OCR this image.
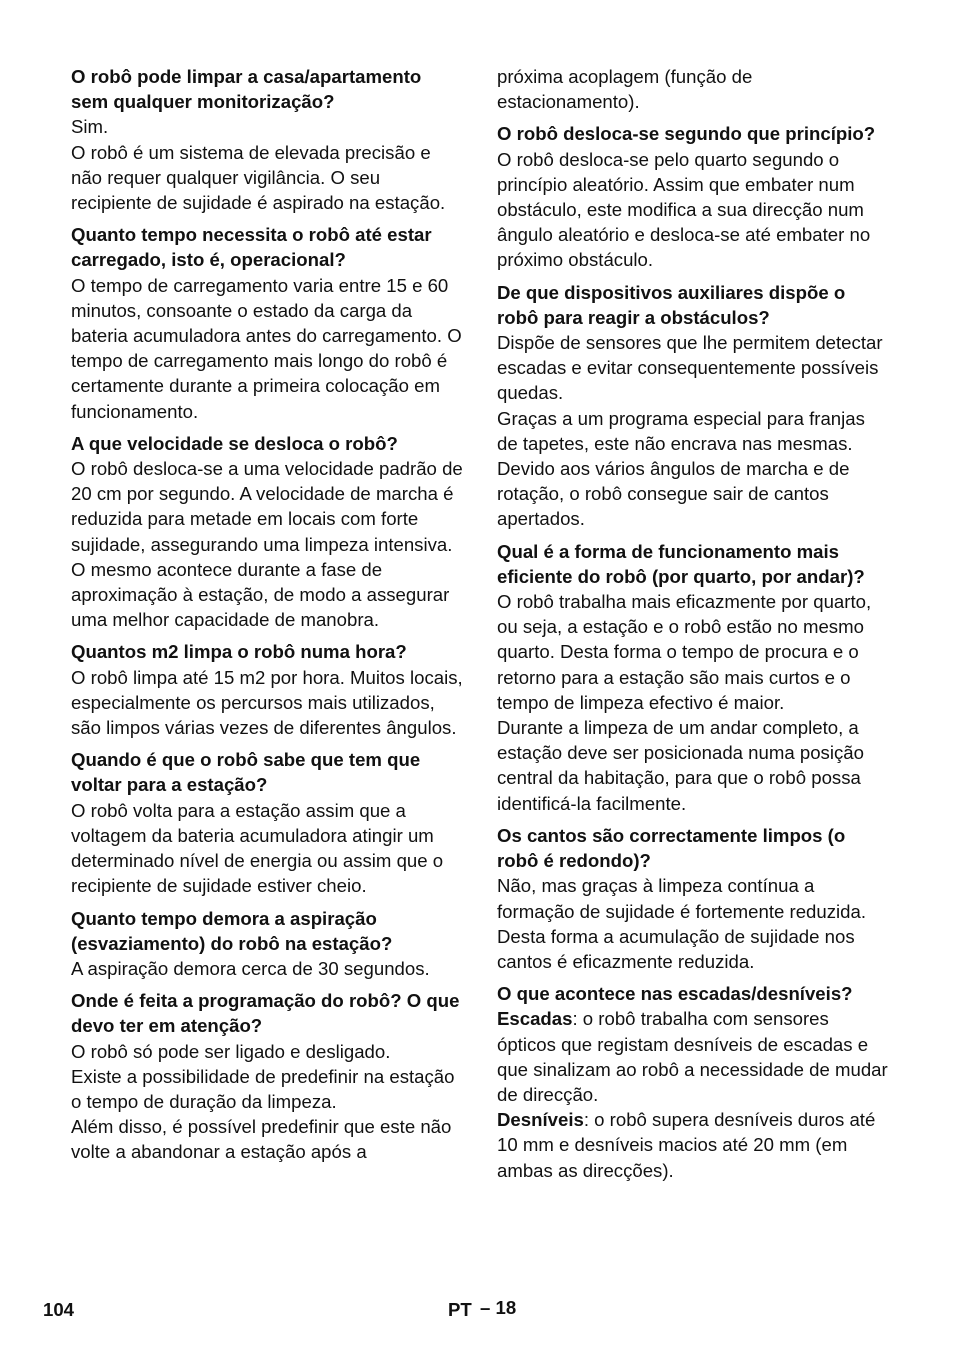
O robô pode limpar a casa/apartamento sem qualquer monitorização?

Sim.

O robô é um sistema de elevada precisão e não requer qualquer vigilância. O seu recipiente de sujidade é aspirado na estação.

Quanto tempo necessita o robô até estar carregado, isto é, operacional?

O tempo de carregamento varia entre 15 e 60 minutos, consoante o estado da carga da bateria acumuladora antes do carregamento. O tempo de carregamento mais longo do robô é certamente durante a primeira colocação em funcionamento.

A que velocidade se desloca o robô?

O robô desloca-se a uma velocidade padrão de 20 cm por segundo. A velocidade de marcha é reduzida para metade em locais com forte sujidade, assegurando uma limpeza intensiva. O mesmo acontece durante a fase de aproximação à estação, de modo a assegurar uma melhor capacidade de manobra.

Quantos m2 limpa o robô numa hora?

O robô limpa até 15 m2 por hora. Muitos locais, especialmente os percursos mais utilizados, são limpos várias vezes de diferentes ângulos.

Quando é que o robô sabe que tem que voltar para a estação?

O robô volta para a estação assim que a voltagem da bateria acumuladora atingir um determinado nível de energia ou assim que o recipiente de sujidade estiver cheio.

Quanto tempo demora a aspiração (esvaziamento) do robô na estação?

A aspiração demora cerca de 30 segundos.

Onde é feita a programação do robô? O que devo ter em atenção?

O robô só pode ser ligado e desligado.

Existe a possibilidade de predefinir na estação o tempo de duração da limpeza.

Além disso, é possível predefinir que este não volte a abandonar a estação após a

próxima acoplagem (função de estacionamento).

O robô desloca-se segundo que princípio?

O robô desloca-se pelo quarto segundo o princípio aleatório. Assim que embater num obstáculo, este modifica a sua direcção num ângulo aleatório e desloca-se até embater no próximo obstáculo.

De que dispositivos auxiliares dispõe o robô para reagir a obstáculos?

Dispõe de sensores que lhe permitem detectar escadas e evitar consequentemente possíveis quedas.

Graças a um programa especial para franjas de tapetes, este não encrava nas mesmas.

Devido aos vários ângulos de marcha e de rotação, o robô consegue sair de cantos apertados.

Qual é a forma de funcionamento mais eficiente do robô (por quarto, por andar)?

O robô trabalha mais eficazmente por quarto, ou seja, a estação e o robô estão no mesmo quarto. Desta forma o tempo de procura e o retorno para a estação são mais curtos e o tempo de limpeza efectivo é maior.

Durante a limpeza de um andar completo, a estação deve ser posicionada numa posição central da habitação, para que o robô possa identificá-la facilmente.

Os cantos são correctamente limpos (o robô é redondo)?

Não, mas graças à limpeza contínua a formação de sujidade é fortemente reduzida.

Desta forma a acumulação de sujidade nos cantos é eficazmente reduzida.

O que acontece nas escadas/desníveis?

Escadas: o robô trabalha com sensores ópticos que registam desníveis de escadas e que sinalizam ao robô a necessidade de mudar de direcção.

Desníveis: o robô supera desníveis duros até 10 mm e desníveis macios até 20 mm (em ambas as direcções).

104	PT – 18
